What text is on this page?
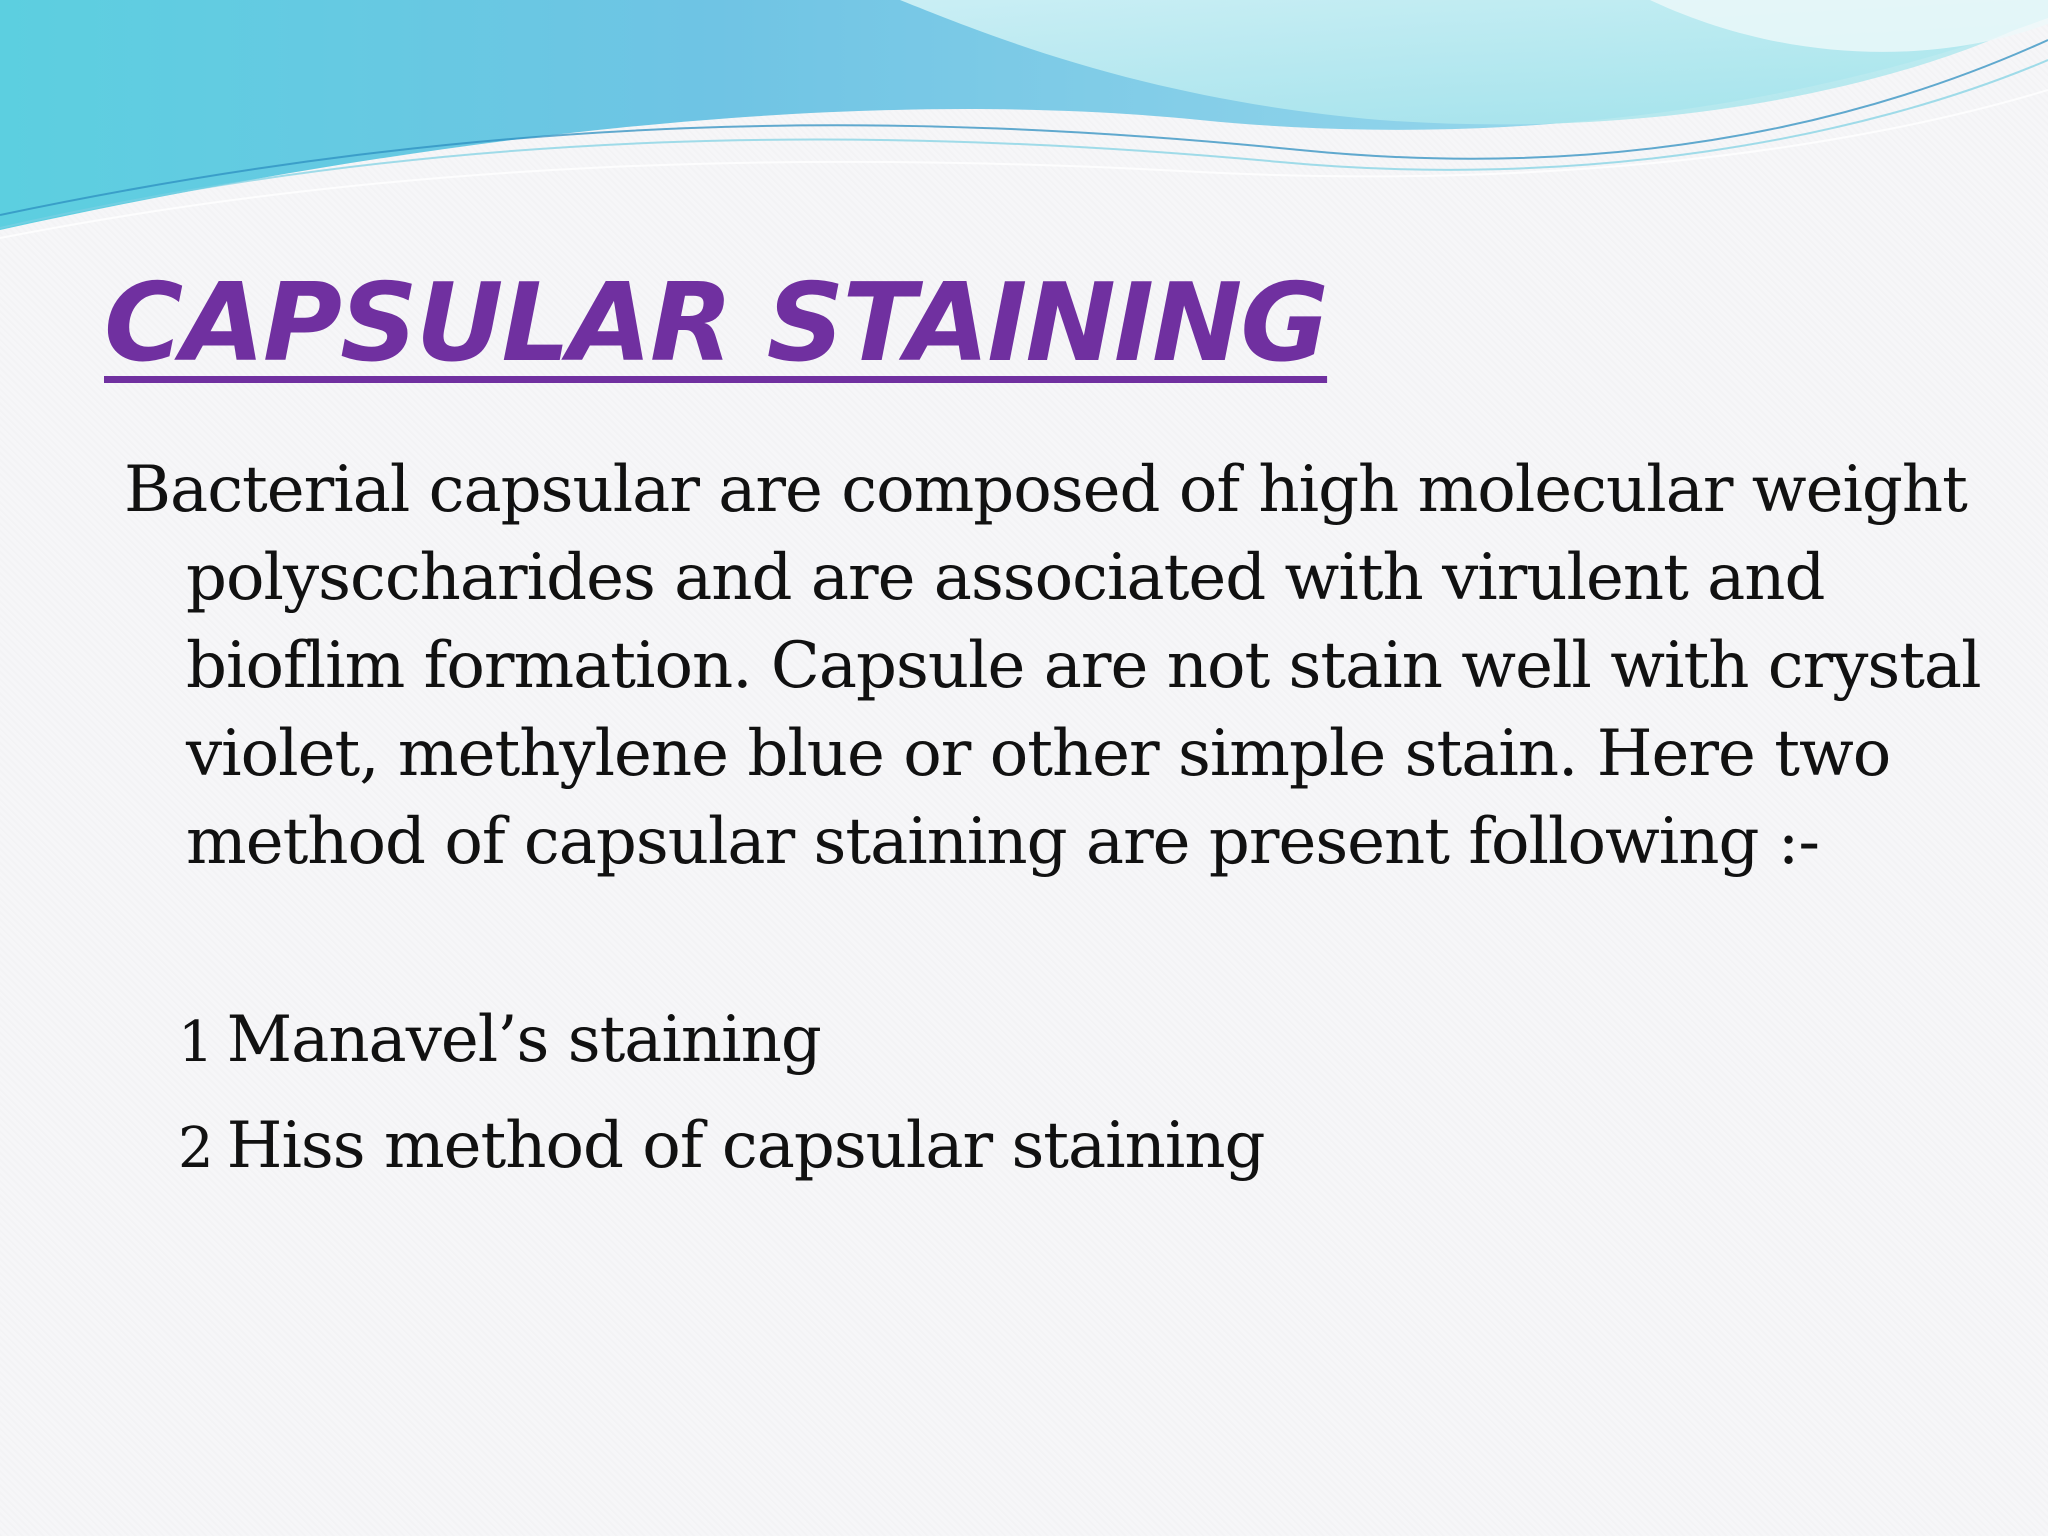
CAPSULAR STAINING

Bacterial capsular are composed of high molecular weight polysccharides and are associated with virulent and bioflim formation. Capsule are not stain well with crystal violet, methylene blue or other simple stain. Here two method of capsular staining are present following :-

1 Manavel’s staining

2 Hiss method of capsular staining
